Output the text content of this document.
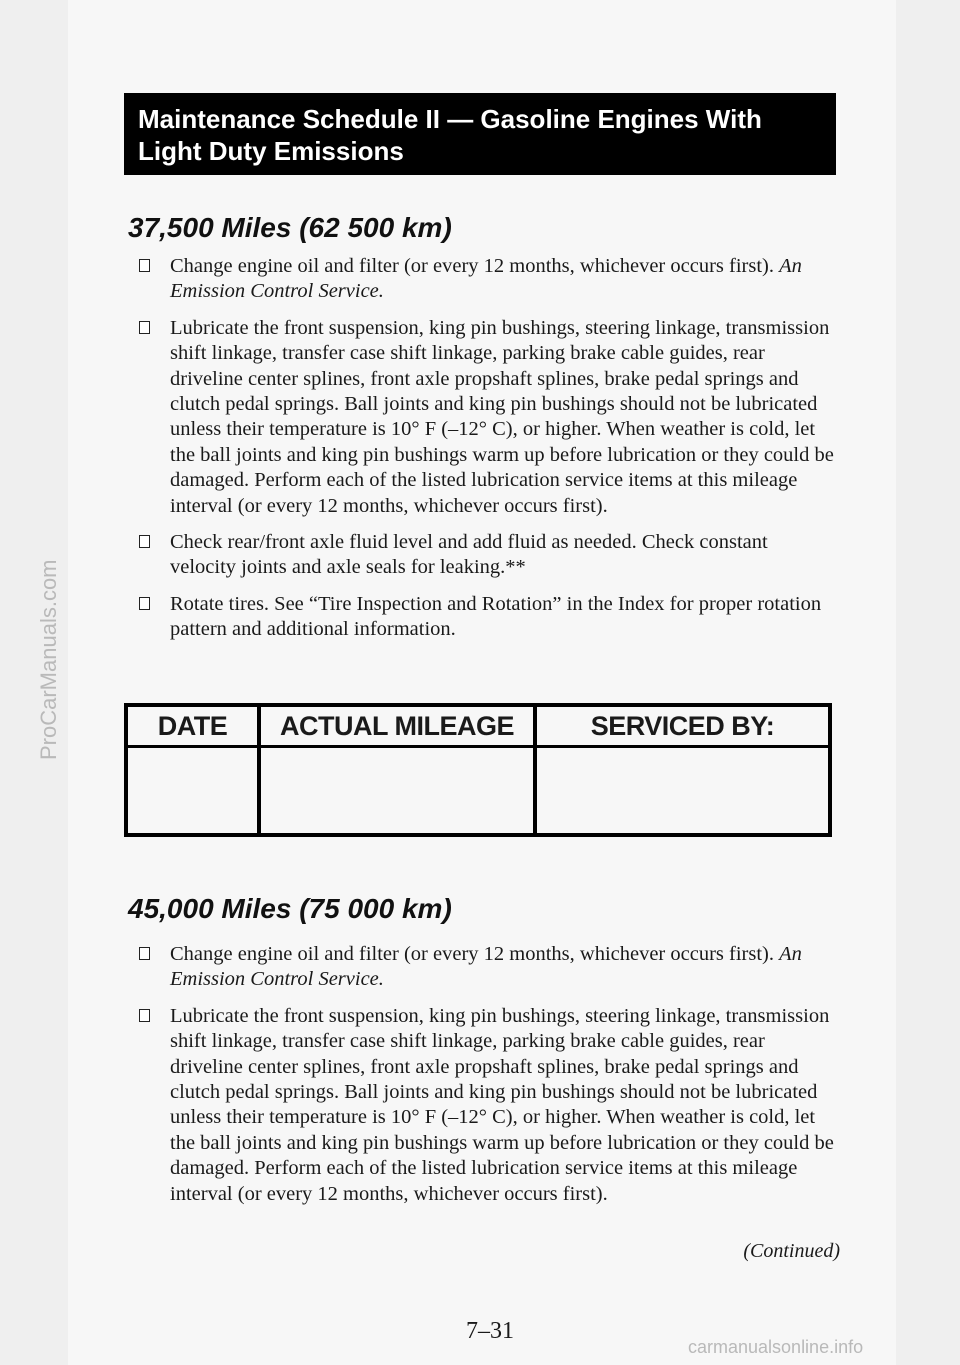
Maintenance Schedule II — Gasoline Engines With
Light Duty Emissions
37,500 Miles (62 500 km)
Change engine oil and filter (or every 12 months, whichever occurs first). An Emission Control Service.
Lubricate the front suspension, king pin bushings, steering linkage, transmission shift linkage, transfer case shift linkage, parking brake cable guides, rear driveline center splines, front axle propshaft splines, brake pedal springs and clutch pedal springs. Ball joints and king pin bushings should not be lubricated unless their temperature is 10° F (–12° C), or higher. When weather is cold, let the ball joints and king pin bushings warm up before lubrication or they could be damaged. Perform each of the listed lubrication service items at this mileage interval (or every 12 months, whichever occurs first).
Check rear/front axle fluid level and add fluid as needed. Check constant velocity joints and axle seals for leaking.**
Rotate tires. See “Tire Inspection and Rotation” in the Index for proper rotation pattern and additional information.
DATE	ACTUAL MILEAGE	SERVICED BY:

45,000 Miles (75 000 km)
Change engine oil and filter (or every 12 months, whichever occurs first). An Emission Control Service.
Lubricate the front suspension, king pin bushings, steering linkage, transmission shift linkage, transfer case shift linkage, parking brake cable guides, rear driveline center splines, front axle propshaft splines, brake pedal springs and clutch pedal springs. Ball joints and king pin bushings should not be lubricated unless their temperature is 10° F (–12° C), or higher. When weather is cold, let the ball joints and king pin bushings warm up before lubrication or they could be damaged. Perform each of the listed lubrication service items at this mileage interval (or every 12 months, whichever occurs first).
(Continued)
7–31
ProCarManuals.com
carmanualsonline.info
